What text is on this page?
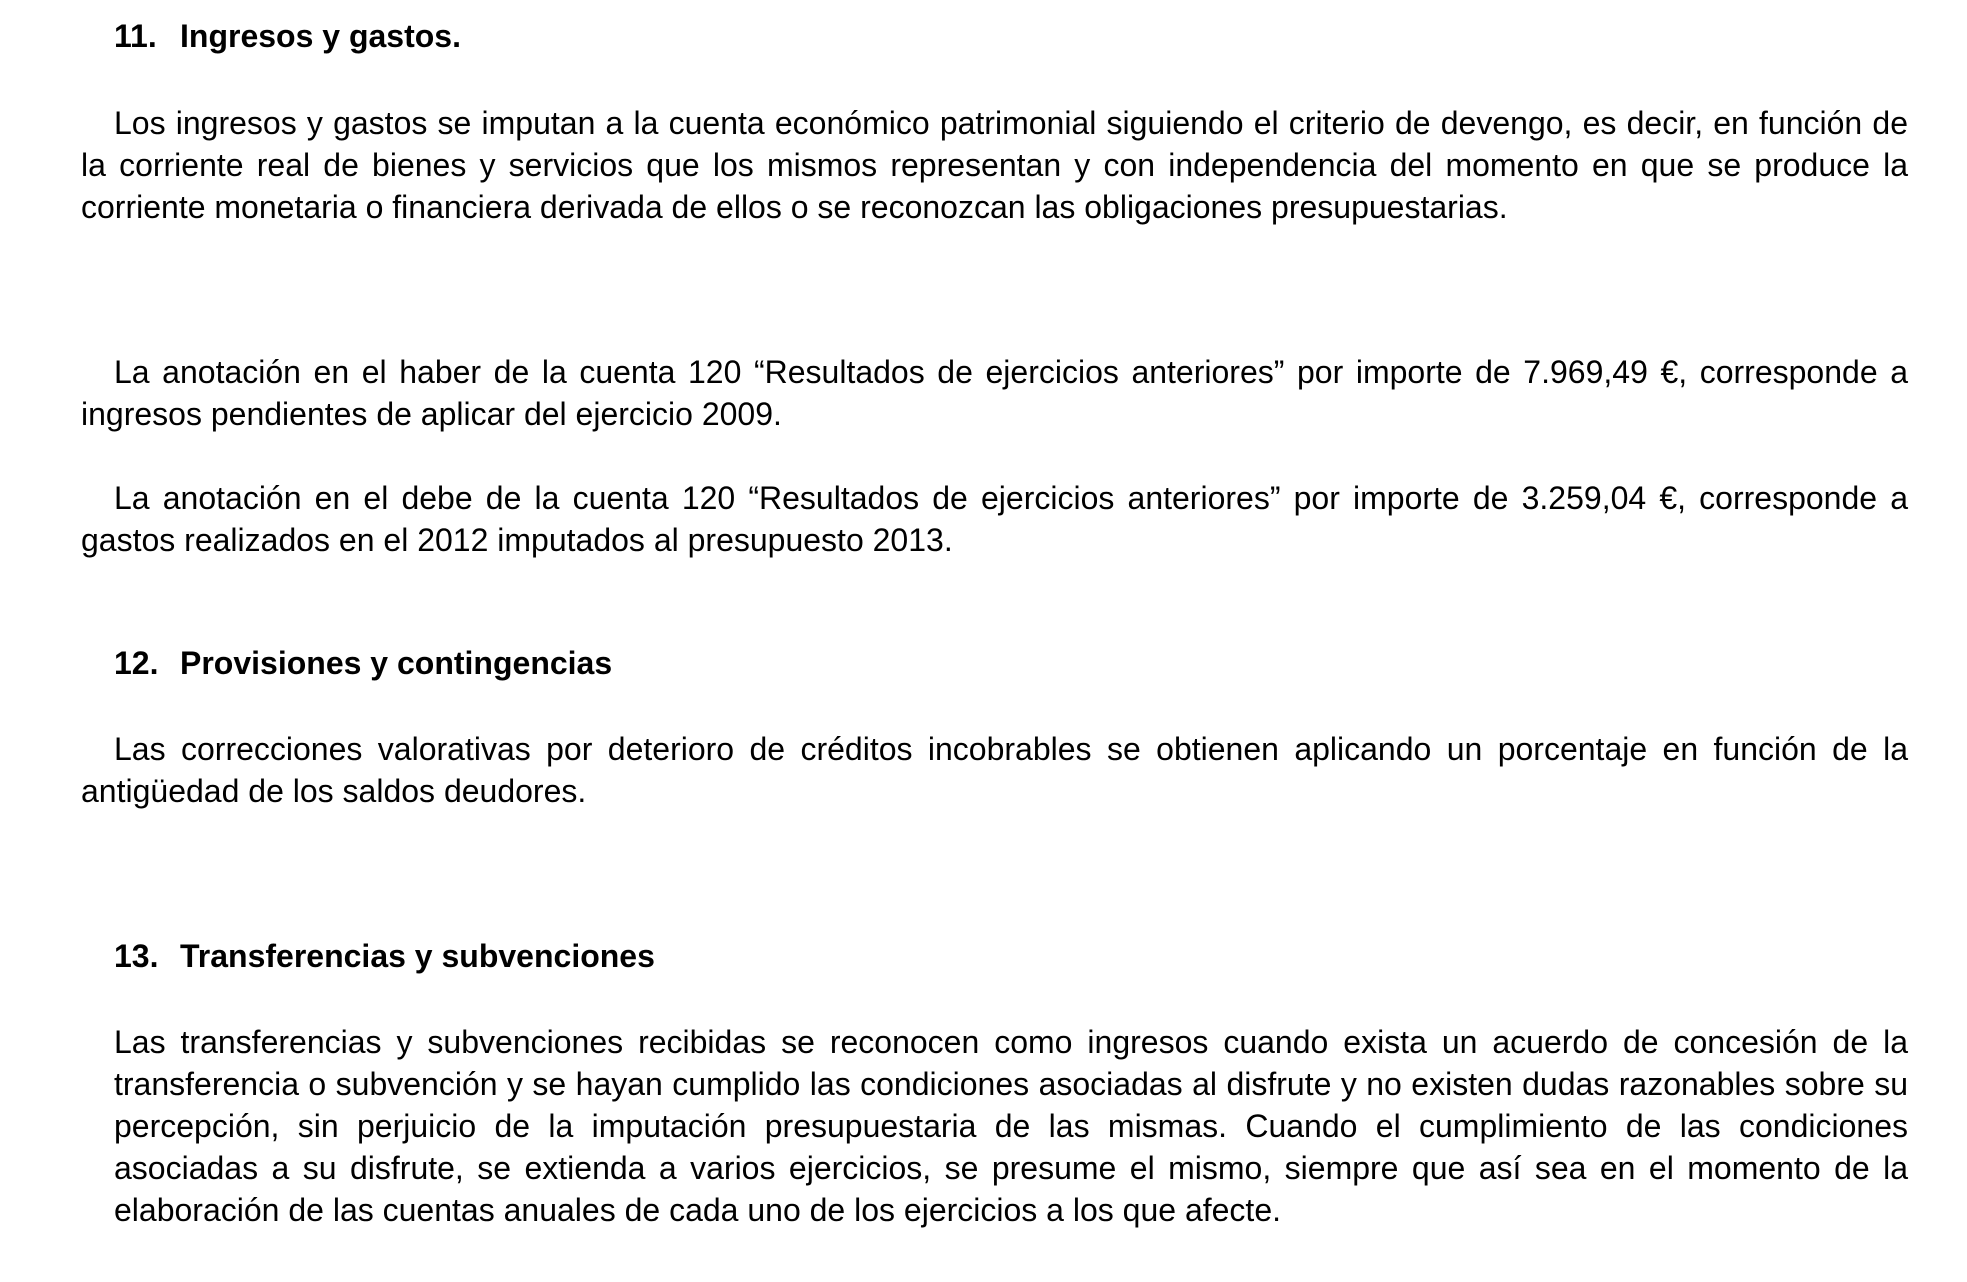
11. Ingresos y gastos.

Los ingresos y gastos se imputan a la cuenta económico patrimonial siguiendo el criterio de devengo, es decir, en función de la corriente real de bienes y servicios que los mismos representan y con independencia del momento en que se produce la corriente monetaria o financiera derivada de ellos o se reconozcan las obligaciones presupuestarias.

La anotación en el haber de la cuenta 120 “Resultados de ejercicios anteriores” por importe de 7.969,49 €, corresponde a ingresos pendientes de aplicar del ejercicio 2009.

La anotación en el debe de la cuenta 120 “Resultados de ejercicios anteriores” por importe de 3.259,04 €, corresponde a gastos realizados en el 2012 imputados al presupuesto 2013.

12. Provisiones y contingencias

Las correcciones valorativas por deterioro de créditos incobrables se obtienen aplicando un porcentaje en función de la antigüedad de los saldos deudores.

13. Transferencias y subvenciones

Las transferencias y subvenciones recibidas se reconocen como ingresos cuando exista un acuerdo de concesión de la transferencia o subvención y se hayan cumplido las condiciones asociadas al disfrute y no existen dudas razonables sobre su percepción, sin perjuicio de la imputación presupuestaria de las mismas. Cuando el cumplimiento de las condiciones asociadas a su disfrute, se extienda a varios ejercicios, se presume el mismo, siempre que así sea en el momento de la elaboración de las cuentas anuales de cada uno de los ejercicios a los que afecte.
